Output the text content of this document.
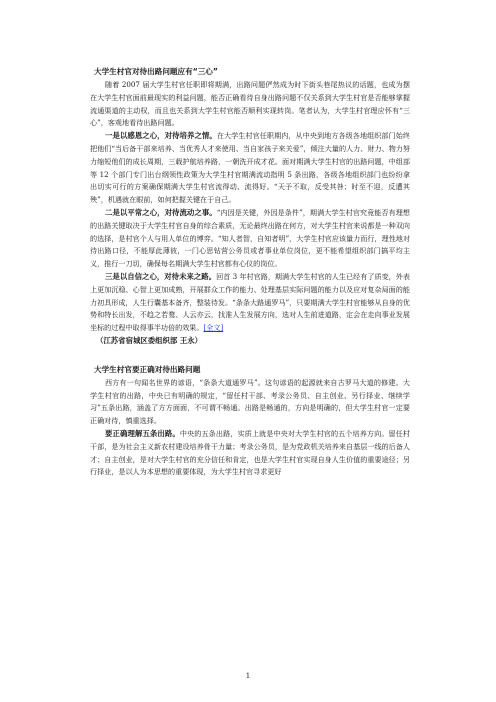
大学生村官对待出路问题应有“三心”

随着 2007 届大学生村官任职即将期满，出路问题俨然成为时下街头巷尾热议的话题，也成为摆在大学生村官面前最现实的利益问题，能否正确看待自身出路问题不仅关系到大学生村官是否能够掌握流通渠道的主动权，而且也关系到大学生村官能否顺利实现转岗。笔者认为，大学生村官理应怀有“三心”，客观地看待出路问题。

一是以感恩之心，对待培养之情。在大学生村官任职期内，从中央到地方各级各地组织部门始终把他们“当后备干部来培养、当优秀人才来使用、当自家孩子来关爱”，倾注大量的人力、财力、物力努力缩短他们的成长周期，三载护航培养路，一朝洗开成才花。面对期满大学生村官的出路问题，中组部等 12 个部门专门出台纲领性政策为大学生村官期满流动指明 5 条出路，各级各地组织部门也纷纷拿出切实可行的方案确保期满大学生村官流得动、流得好。“天予不取，反受其咎；时至不迎，反遭其殃”，机遇就在眼前，如何把握关键在于自己。

二是以平常之心，对待流动之事。“内因是关键，外因是条件”，期满大学生村官究竟能否有理想的出路关键取决于大学生村官自身的综合素质，无论最终出路在何方，对大学生村官来说都是一种双向的选择，是村官个人与用人单位的博弈。“知人者智，自知者明”，大学生村官应该量力而行，理性地对待出路口径，不能厚此薄彼，一门心思钻营公务员或者事业单位岗位，更不能希望组织部门搞平均主义，推行一刀切，确保每名期满大学生村官都有心仪的岗位。

三是以自信之心，对待未来之路。回首 3 年村官路，期满大学生村官的人生已经有了质变，外表上更加沉稳、心智上更加成熟，开展群众工作的能力、处理基层实际问题的能力以及应对复杂局面的能力初具形成，人生行囊基本备齐，整装待发。“条条大路通罗马”，只要期满大学生村官能够从自身的优势和特长出发，不趋之若鹜、人云亦云，找准人生发展方向，选对人生前进道路，定会在走向事业发展坐标的过程中取得事半功倍的效果。[全文]

（江苏省宿城区委组织部 王永）

大学生村官要正确对待出路问题

西方有一句闻名世界的谚语，“条条大道通罗马”。这句谚语的起源就来自古罗马大道的修建。大学生村官的出路，中央已有明确的规定，“留任村干部、考录公务员、自主创业、另行择业、继续学习”五条出路，涵盖了方方面面，不可谓不畅通。出路是畅通的，方向是明确的，但大学生村官一定要正确对待，慎重选择。

要正确理解五条出路。中央的五条出路，实质上就是中央对大学生村官的五个培养方向。留任村干部，是为社会主义新农村建设培养骨干力量；考录公务员，是为党政机关培养来自基层一线的后备人才；自主创业，是对大学生村官的充分信任和肯定，也是大学生村官实现自身人生价值的重要途径；另行择业，是以人为本思想的重要体现，为大学生村官寻求更好

1
